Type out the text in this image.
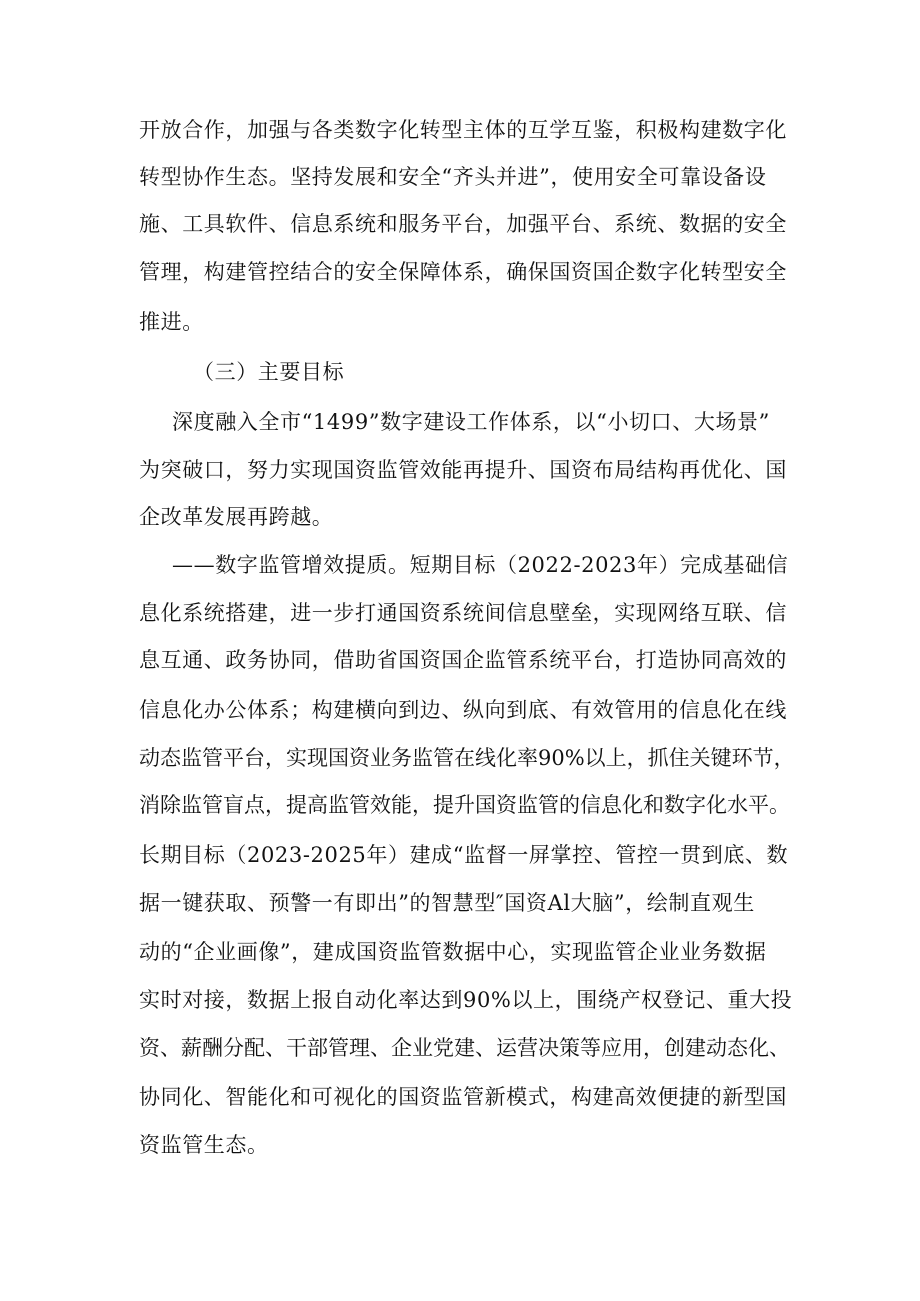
开放合作，加强与各类数字化转型主体的互学互鉴，积极构建数字化
转型协作生态。坚持发展和安全“齐头并进”，使用安全可靠设备设
施、工具软件、信息系统和服务平台，加强平台、系统、数据的安全
管理，构建管控结合的安全保障体系，确保国资国企数字化转型安全
推进。
（三）主要目标
深度融入全市“1499”数字建设工作体系，以“小切口、大场景”
为突破口，努力实现国资监管效能再提升、国资布局结构再优化、国
企改革发展再跨越。
——数字监管增效提质。短期目标（2022-2023年）完成基础信
息化系统搭建，进一步打通国资系统间信息壁垒，实现网络互联、信
息互通、政务协同，借助省国资国企监管系统平台，打造协同高效的
信息化办公体系；构建横向到边、纵向到底、有效管用的信息化在线
动态监管平台，实现国资业务监管在线化率90%以上，抓住关键环节，
消除监管盲点，提高监管效能，提升国资监管的信息化和数字化水平。
长期目标（2023-2025年）建成“监督一屏掌控、管控一贯到底、数
据一键获取、预警一有即出”的智慧型″国资Al大脑”，绘制直观生
动的“企业画像”，建成国资监管数据中心，实现监管企业业务数据
实时对接，数据上报自动化率达到90%以上，围绕产权登记、重大投
资、薪酬分配、干部管理、企业党建、运营决策等应用，创建动态化、
协同化、智能化和可视化的国资监管新模式，构建高效便捷的新型国
资监管生态。
